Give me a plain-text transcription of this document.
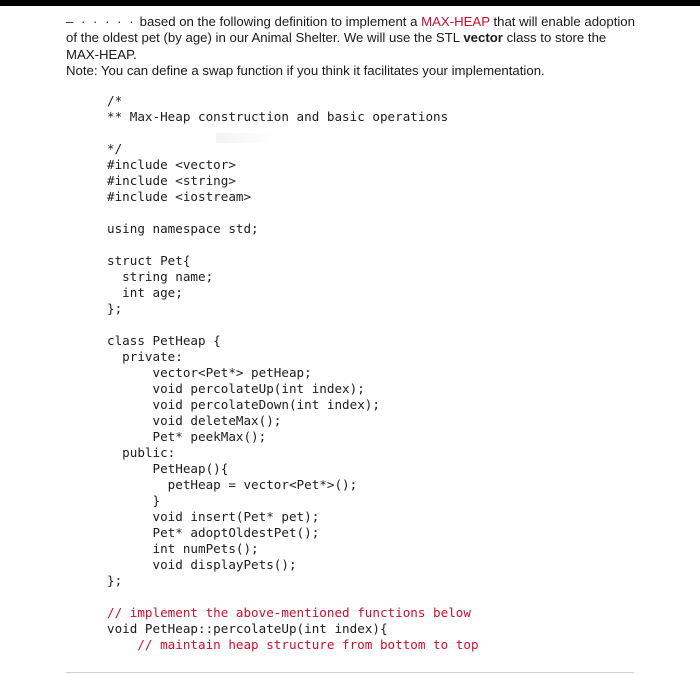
– · · · · · based on the following definition to implement a MAX-HEAP that will enable adoption of the oldest pet (by age) in our Animal Shelter. We will use the STL vector class to store the MAX-HEAP.
Note: You can define a swap function if you think it facilitates your implementation.
/*
** Max-Heap construction and basic operations
*/
#include <vector>
#include <string>
#include <iostream>
using namespace std;
struct Pet{
string name;
int age;
};
class PetHeap {
private:
vector<Pet*> petHeap;
void percolateUp(int index);
void percolateDown(int index);
void deleteMax();
Pet* peekMax();
public:
PetHeap(){
petHeap = vector<Pet*>();
}
void insert(Pet* pet);
Pet* adoptOldestPet();
int numPets();
void displayPets();
};
// implement the above-mentioned functions below
void PetHeap::percolateUp(int index){
// maintain heap structure from bottom to top
